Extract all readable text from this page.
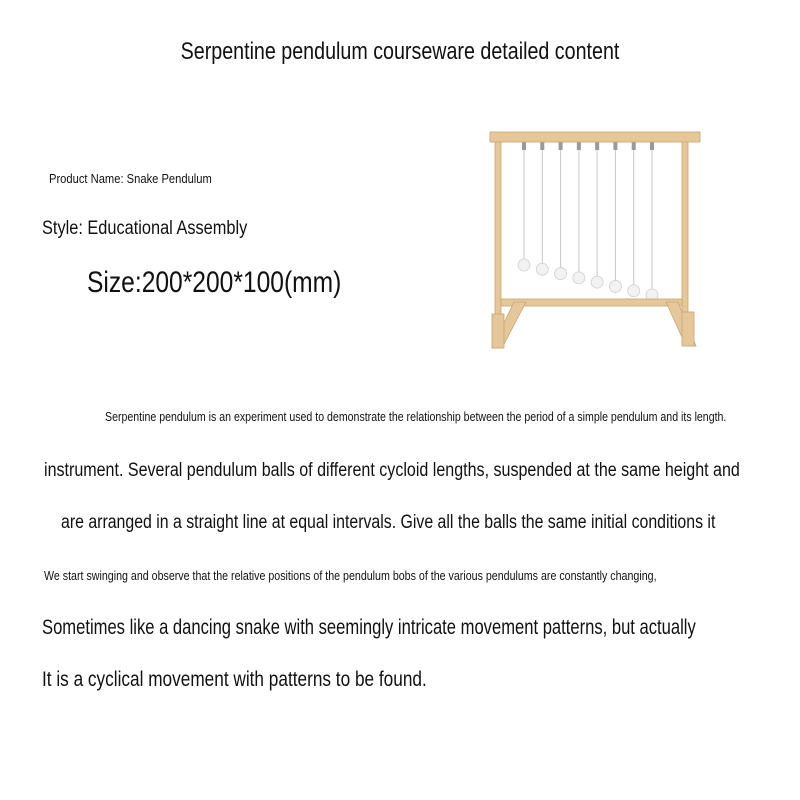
Serpentine pendulum courseware detailed content
Product Name: Snake Pendulum
Style: Educational Assembly
Size:200*200*100(mm)
Serpentine pendulum is an experiment used to demonstrate the relationship between the period of a simple pendulum and its length.
instrument. Several pendulum balls of different cycloid lengths, suspended at the same height and
are arranged in a straight line at equal intervals. Give all the balls the same initial conditions it
We start swinging and observe that the relative positions of the pendulum bobs of the various pendulums are constantly changing,
Sometimes like a dancing snake with seemingly intricate movement patterns, but actually
It is a cyclical movement with patterns to be found.
